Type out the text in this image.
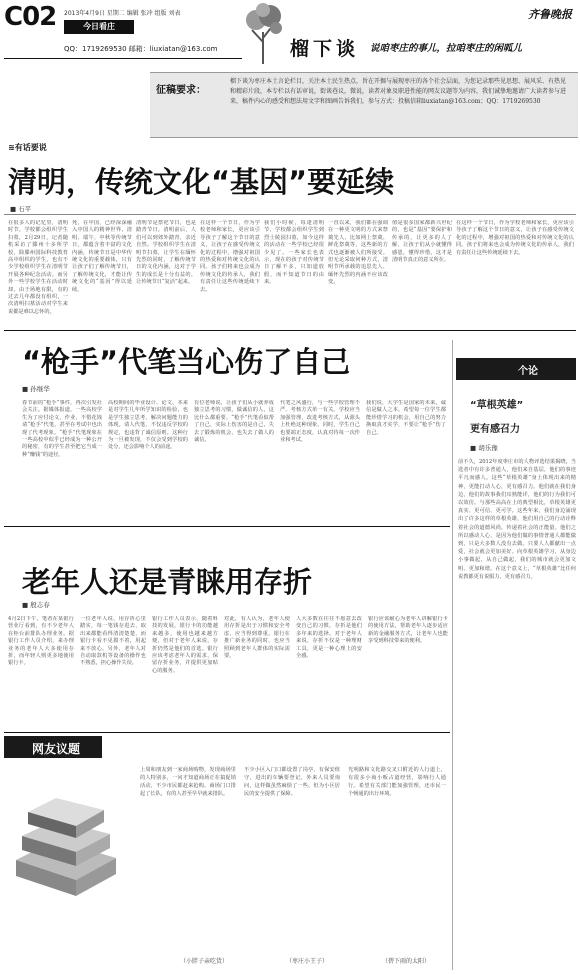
C02 2013年4月9日 星期二 编辑 张冲 组版 刘表
今日看庄
齐鲁晚报
QQ：1719269530 邮箱：liuxiatan@163.com	榴下谈 说咱枣庄的事儿，拉咱枣庄的闲呱儿
征稿要求：
榴下谈为枣庄本土言论栏目，关注本土民生热点，旨在开掘与展现枣庄的各个社会层面，为您记录那些见思想、展风采、有热见和精彩片段，本专栏以有话审说，街谈巷议，微说，读者对象及职进性能的网友议题等为内容，我们诚挚地邀请广大读者参与进来，稿件内心的感受和想法用文字和图画告诉我们，参与方式：投稿信箱liuxiatan@163.com；QQ：1719269530
≋有话要说
清明，传统文化“基因”要延续
■ 石平
在很多人的记忆里，清明时节，学校都会组织学生扫墓，2月29日，记者随机采访了滕州十多所学校，除滕州国际科技教育高中组织的学生，也有不少学校组织学生在清明节开展各种纪念活动。而另外一些学校学生在活动时却，由于场地有限，有的过去几年都没有组织，一次清明扫墓活动对学生来说都是难以忘怀的。
死，在中国，已经深深融入中国人的精神世界，清明、端午、中秋等传统节日，都蕴含着丰富的文化内涵，传统节日是中华传统文化的重要载体，只有让孩子们了解传统节日，了解传统文化，才能让传统文化的“基因”得以延续。
清明节是祭祀节日，也是踏青节日。清明前后，人们可以到郊外踏青，亲近自然。学校组织学生在清明节扫墓，让学生在缅怀先烈的同时，了解传统节日的文化内涵，这对于学生的成长是十分有益的。让传统节日“复活”起来。
在这样一个节日，作为学校老师和家长，更应该引导孩子了解这个节日的意义，让孩子在感受传统文化的过程中，增强对祖国的热爱和对传统文化的认同。孩子们将来也会成为传统文化的传承人，我们有责任让这些传统延续下去。
我们小时候，每逢清明节，学校都会组织学生到烈士陵园扫墓，如今这样的活动在一些学校已经很少见了。一些家长也表示，现在的孩子对传统节日了解不多，只知道放假，而不知道节日的由来。
一直以来，我们都在强调在一种更文明的方式来祭奠先人，比如网上祭奠、鲜花祭奠等，这些新的方式也逐渐被人们所接受。但无论采取何种方式，清明节所承载的追思先人、缅怀先烈的内涵不应该改变。
值是很多国家都新兴世纪的，也是“基因”要保护和传承的，让更多的人了解，让孩子们从小就懂得感恩，懂得珍惜，这才是清明节真正的意义所在。
在这样一个节日，作为学校老师和家长，更应该引导孩子了解这个节日的意义，让孩子在感受传统文化的过程中，增强对祖国的热爱和对传统文化的认同。孩子们将来也会成为传统文化的传承人，我们有责任让这些传统延续下去。
“枪手”代笔当心伤了自己
■ 孙继华
春节前的“枪手”事件，再次引发社会关注。据媒体报道，一些高校学生为了应付论文、作业，不惜花钱请“枪手”代笔，甚至在考试中也出现了代考现象。“枪手”代笔现象在一些高校中似乎已经成为一种公开的秘密，有的学生甚至把它当成一种“赚钱”的途径。
高校期间的毕业设计、论文，本来是对学生几年所学知识的检验，也是学生独立思考、解决问题能力的体现。请人代笔，不仅违反学校的规定，也违背了诚信原则。这种行为一旦被发现，不仅会受到学校的处分，还会影响个人的前途。
有位老师说，让孩子们从小就养成独立思考的习惯，做诚信的人，这比什么都重要。“枪手”代笔看似帮了自己，实际上伤害的是自己，失去了锻炼的机会，也失去了做人的诚信。
代笔之风盛行，与一些学校管理不严、考核方式单一有关。学校应当加强管理，改进考核方式，从源头上杜绝这种现象。同时，学生自己也要端正态度，认真对待每一次作业和考试。
我们说，大学生是国家的未来，诚信是做人之本。希望每一位学生都能珍惜学习的机会，用自己的努力换取真才实学，不要让“枪手”伤了自己。
个论
“草根英雄”
更有感召力
■ 胡乐豫
前不久，2012年度枣庄市的人物评选结果揭晓，当选者中有许多普通人，他们来自基层，他们的事迹平凡而感人。这些“草根英雄”身上体现出来的精神，更能打动人心，更有感召力。他们就在我们身边，他们的故事我们耳熟能详，他们的行为我们可以效仿。与那些高高在上的典型相比，草根英雄更真实、更可信、更可学。这些年来，我们身边涌现出了许多这样的草根英雄，他们用自己的行动诠释着社会的道德风尚，传递着社会的正能量。他们之所以感动人心，是因为他们做的事情普通人都能做到，只是大多数人没有去做。只要人人都献出一点爱，社会就会更加美好。向草根英雄学习，从身边小事做起，从自己做起，我们的城市就会更加文明、更加和谐。在这个意义上，“草根英雄”比任何说教都更有说服力，更有感召力。
老年人还是青睐用存折
■ 殷志春
4月2日下午，笔者在某银行营业厅看到，有不少老年人在柜台前排队办理业务。据银行工作人员介绍，来办理业务的老年人大多使用存折，而年轻人则更多地使用银行卡。
一位老年人说，用存折心里踏实，每一笔钱存进去、取出来都能看得清清楚楚，而银行卡看不见摸不着，用起来不放心。另外，老年人对自动取款机等设备的操作也不熟悉，担心操作失误。
银行工作人员表示，随着科技的发展，银行卡的功能越来越多，使用也越来越方便，但对于老年人来说，存折仍然是他们的首选。银行应该考虑老年人的需求，保留存折业务，并提供更加贴心的服务。
对此，有人认为，老年人使用存折是出于习惯和安全考虑，应当得到尊重。银行在推广新业务的同时，也应当照顾到老年人群体的实际需要。
人大多数在往往不愿意去改变自己的习惯，存折是他们多年来的选择。对于老年人来说，存折不仅是一种理财工具，更是一种心理上的安全感。
银行应该耐心为老年人讲解银行卡的使用方法，帮助老年人逐步适应新的金融服务方式，让老年人也能享受到科技带来的便利。
网友议题
上周和朋友到一家商场购物，发现商场里的人特别多，一问才知道商场正在搞促销活动，不少市民都赶来抢购。商场门口排起了长队，有的人甚至早早就来排队。
不少小区入门口都设置了岗亭，有保安值守，进出的车辆要登记，外来人员要询问，这样做虽然麻烦了一些，但为小区居民的安全提供了保障。
光明路和文化路交叉口附近的人行道上，有很多小商小贩占道经营，影响行人通行。希望有关部门能加强管理，还市民一个畅通的出行环境。
（小胖子亲吃货）	（枣庄小王子）	（碧下雨的太阳）
